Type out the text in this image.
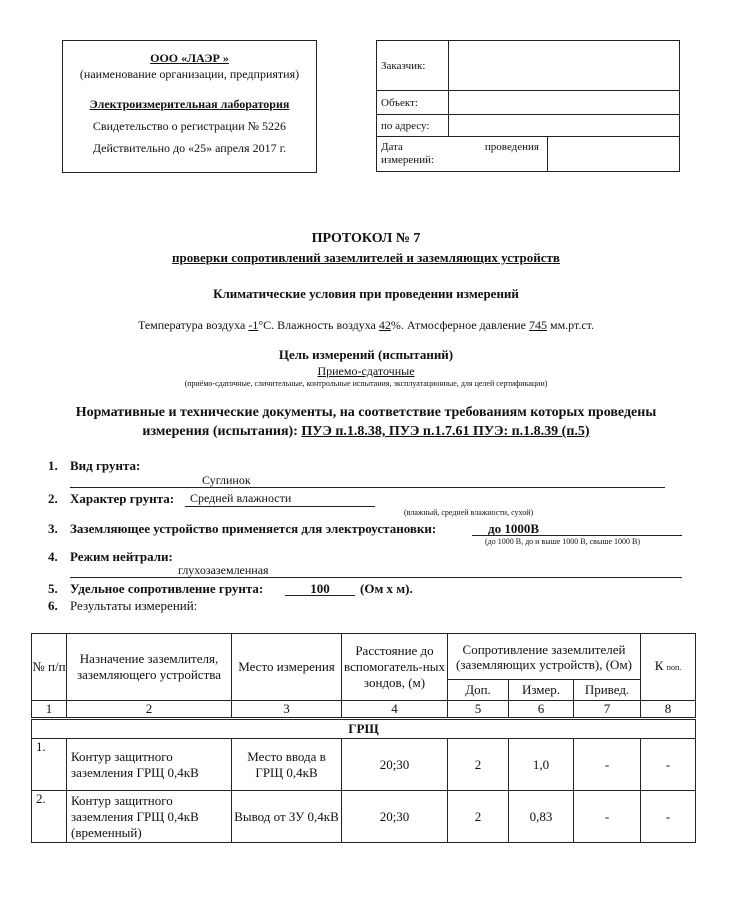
ООО «ЛАЭР »
(наименование организации, предприятия)
Электроизмерительная лаборатория
Свидетельство о регистрации № 5226
Действительно до «25» апреля 2017 г.
Заказчик:		
Объект:		
по адресу:		
Дата проведения

измерений:		
ПРОТОКОЛ № 7
проверки сопротивлений заземлителей и заземляющих устройств
Климатические условия при проведении измерений
Температура воздуха -1°С. Влажность воздуха 42%. Атмосферное давление 745 мм.рт.ст.
Цель измерений (испытаний)
Приемо-сдаточные
(приёмо-сдаточные, сличительные, контрольные испытания, эксплуатационные, для целей сертификации)
Нормативные и технические документы, на соответствие требованиям которых проведены
измерения (испытания): ПУЭ п.1.8.38, ПУЭ п.1.7.61 ПУЭ: п.1.8.39 (п.5)
1. Вид грунта:
Суглинок
2. Характер грунта: Средней влажности
(влажный, средней влажности, сухой)
3. Заземляющее устройство применяется для электроустановки:	до 1000В
(до 1000 В, до и выше 1000 В, свыше 1000 В)
4. Режим нейтрали:
глухозаземленная
5. Удельное сопротивление грунта:	100	(Ом х м).
6. Результаты измерений:
№ п/п	Назначение заземлителя, заземляющего устройства	Место измерения	Расстояние до вспомогатель-ных зондов, (м)	Сопротивление заземлителей (заземляющих устройств), (Ом)			К поп.
				Доп.	Измер.	Привед.	
1	2	3	4	5	6	7	8
ГРЩ							
1.	Контур защитного заземления ГРЩ 0,4кВ	Место ввода в ГРЩ 0,4кВ	20;30	2	1,0	-	-
2.	Контур защитного заземления ГРЩ 0,4кВ (временный)	Вывод от ЗУ 0,4кВ	20;30	2	0,83	-	-
